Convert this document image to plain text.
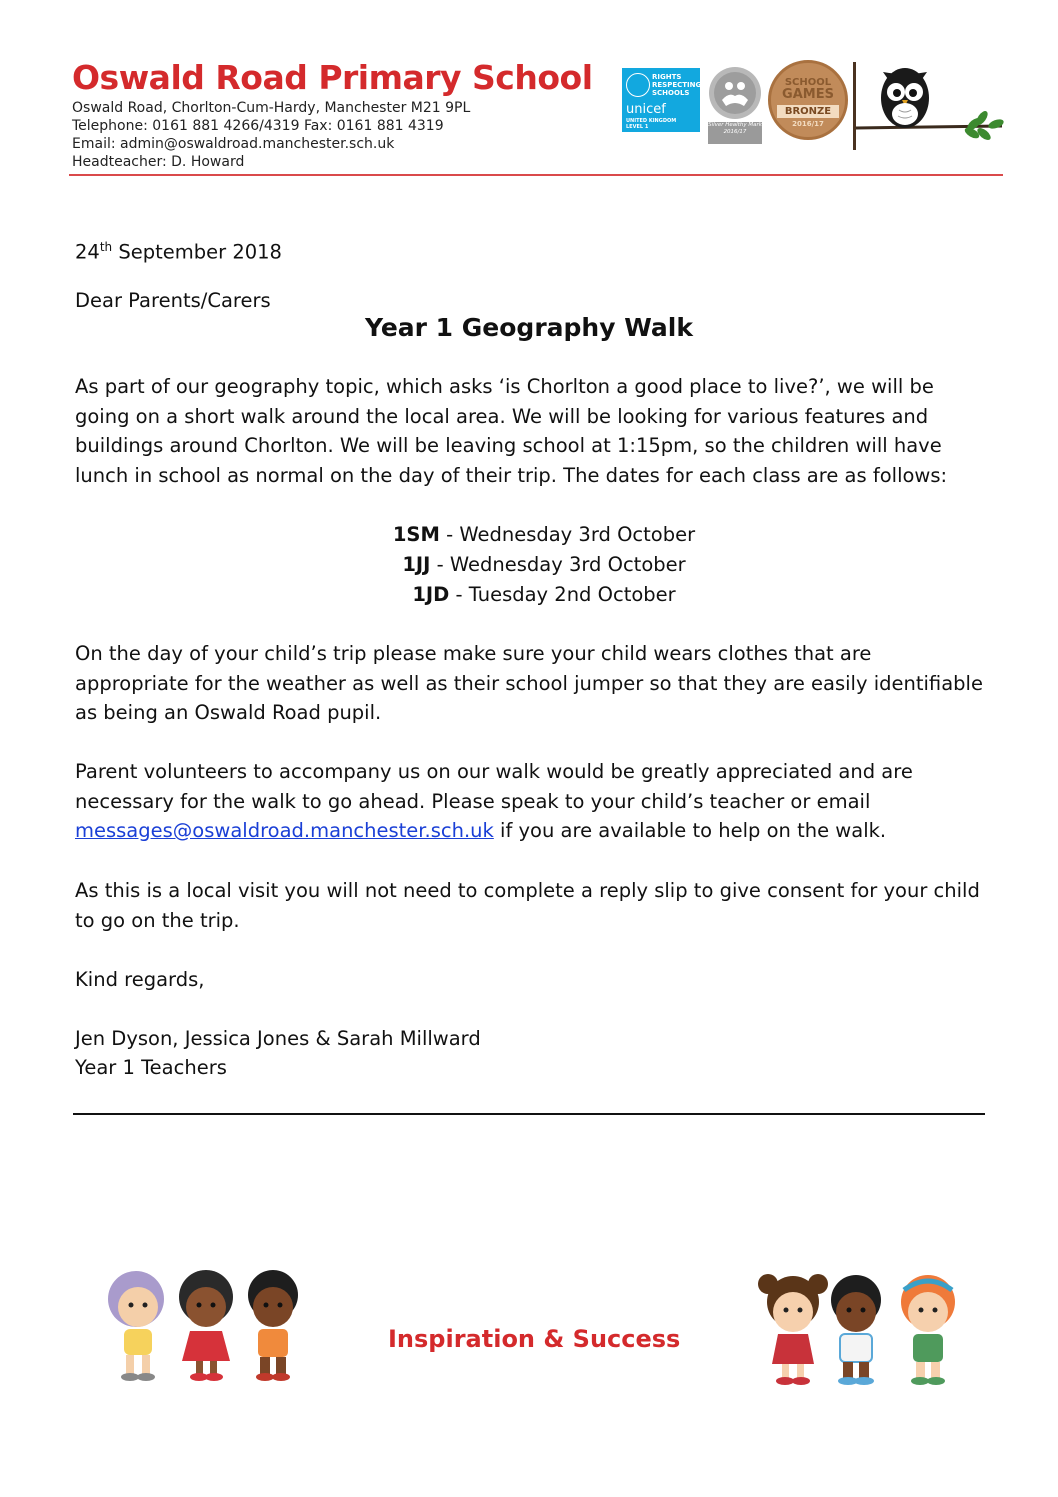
Oswald Road Primary School
Oswald Road, Chorlton-Cum-Hardy, Manchester M21 9PL
Telephone: 0161 881 4266/4319 Fax: 0161 881 4319
Email: admin@oswaldroad.manchester.sch.uk
Headteacher: D. Howard
RIGHTS
RESPECTING
SCHOOLS
unicef
UNITED KINGDOM
LEVEL 1	Silver Healthy Mark 2016/17
SCHOOL
GAMES
BRONZE
2016/17

24th September 2018

Dear Parents/Carers

Year 1 Geography Walk

As part of our geography topic, which asks ‘is Chorlton a good place to live?’, we will be going on a short walk around the local area. We will be looking for various features and buildings around Chorlton. We will be leaving school at 1:15pm, so the children will have lunch in school as normal on the day of their trip. The dates for each class are as follows:

1SM - Wednesday 3rd October
1JJ - Wednesday 3rd October
1JD - Tuesday 2nd October

On the day of your child’s trip please make sure your child wears clothes that are appropriate for the weather as well as their school jumper so that they are easily identifiable as being an Oswald Road pupil.

Parent volunteers to accompany us on our walk would be greatly appreciated and are necessary for the walk to go ahead. Please speak to your child’s teacher or email messages@oswaldroad.manchester.sch.uk if you are available to help on the walk.

As this is a local visit you will not need to complete a reply slip to give consent for your child to go on the trip.

Kind regards,

Jen Dyson, Jessica Jones & Sarah Millward

Year 1 Teachers

Inspiration & Success
